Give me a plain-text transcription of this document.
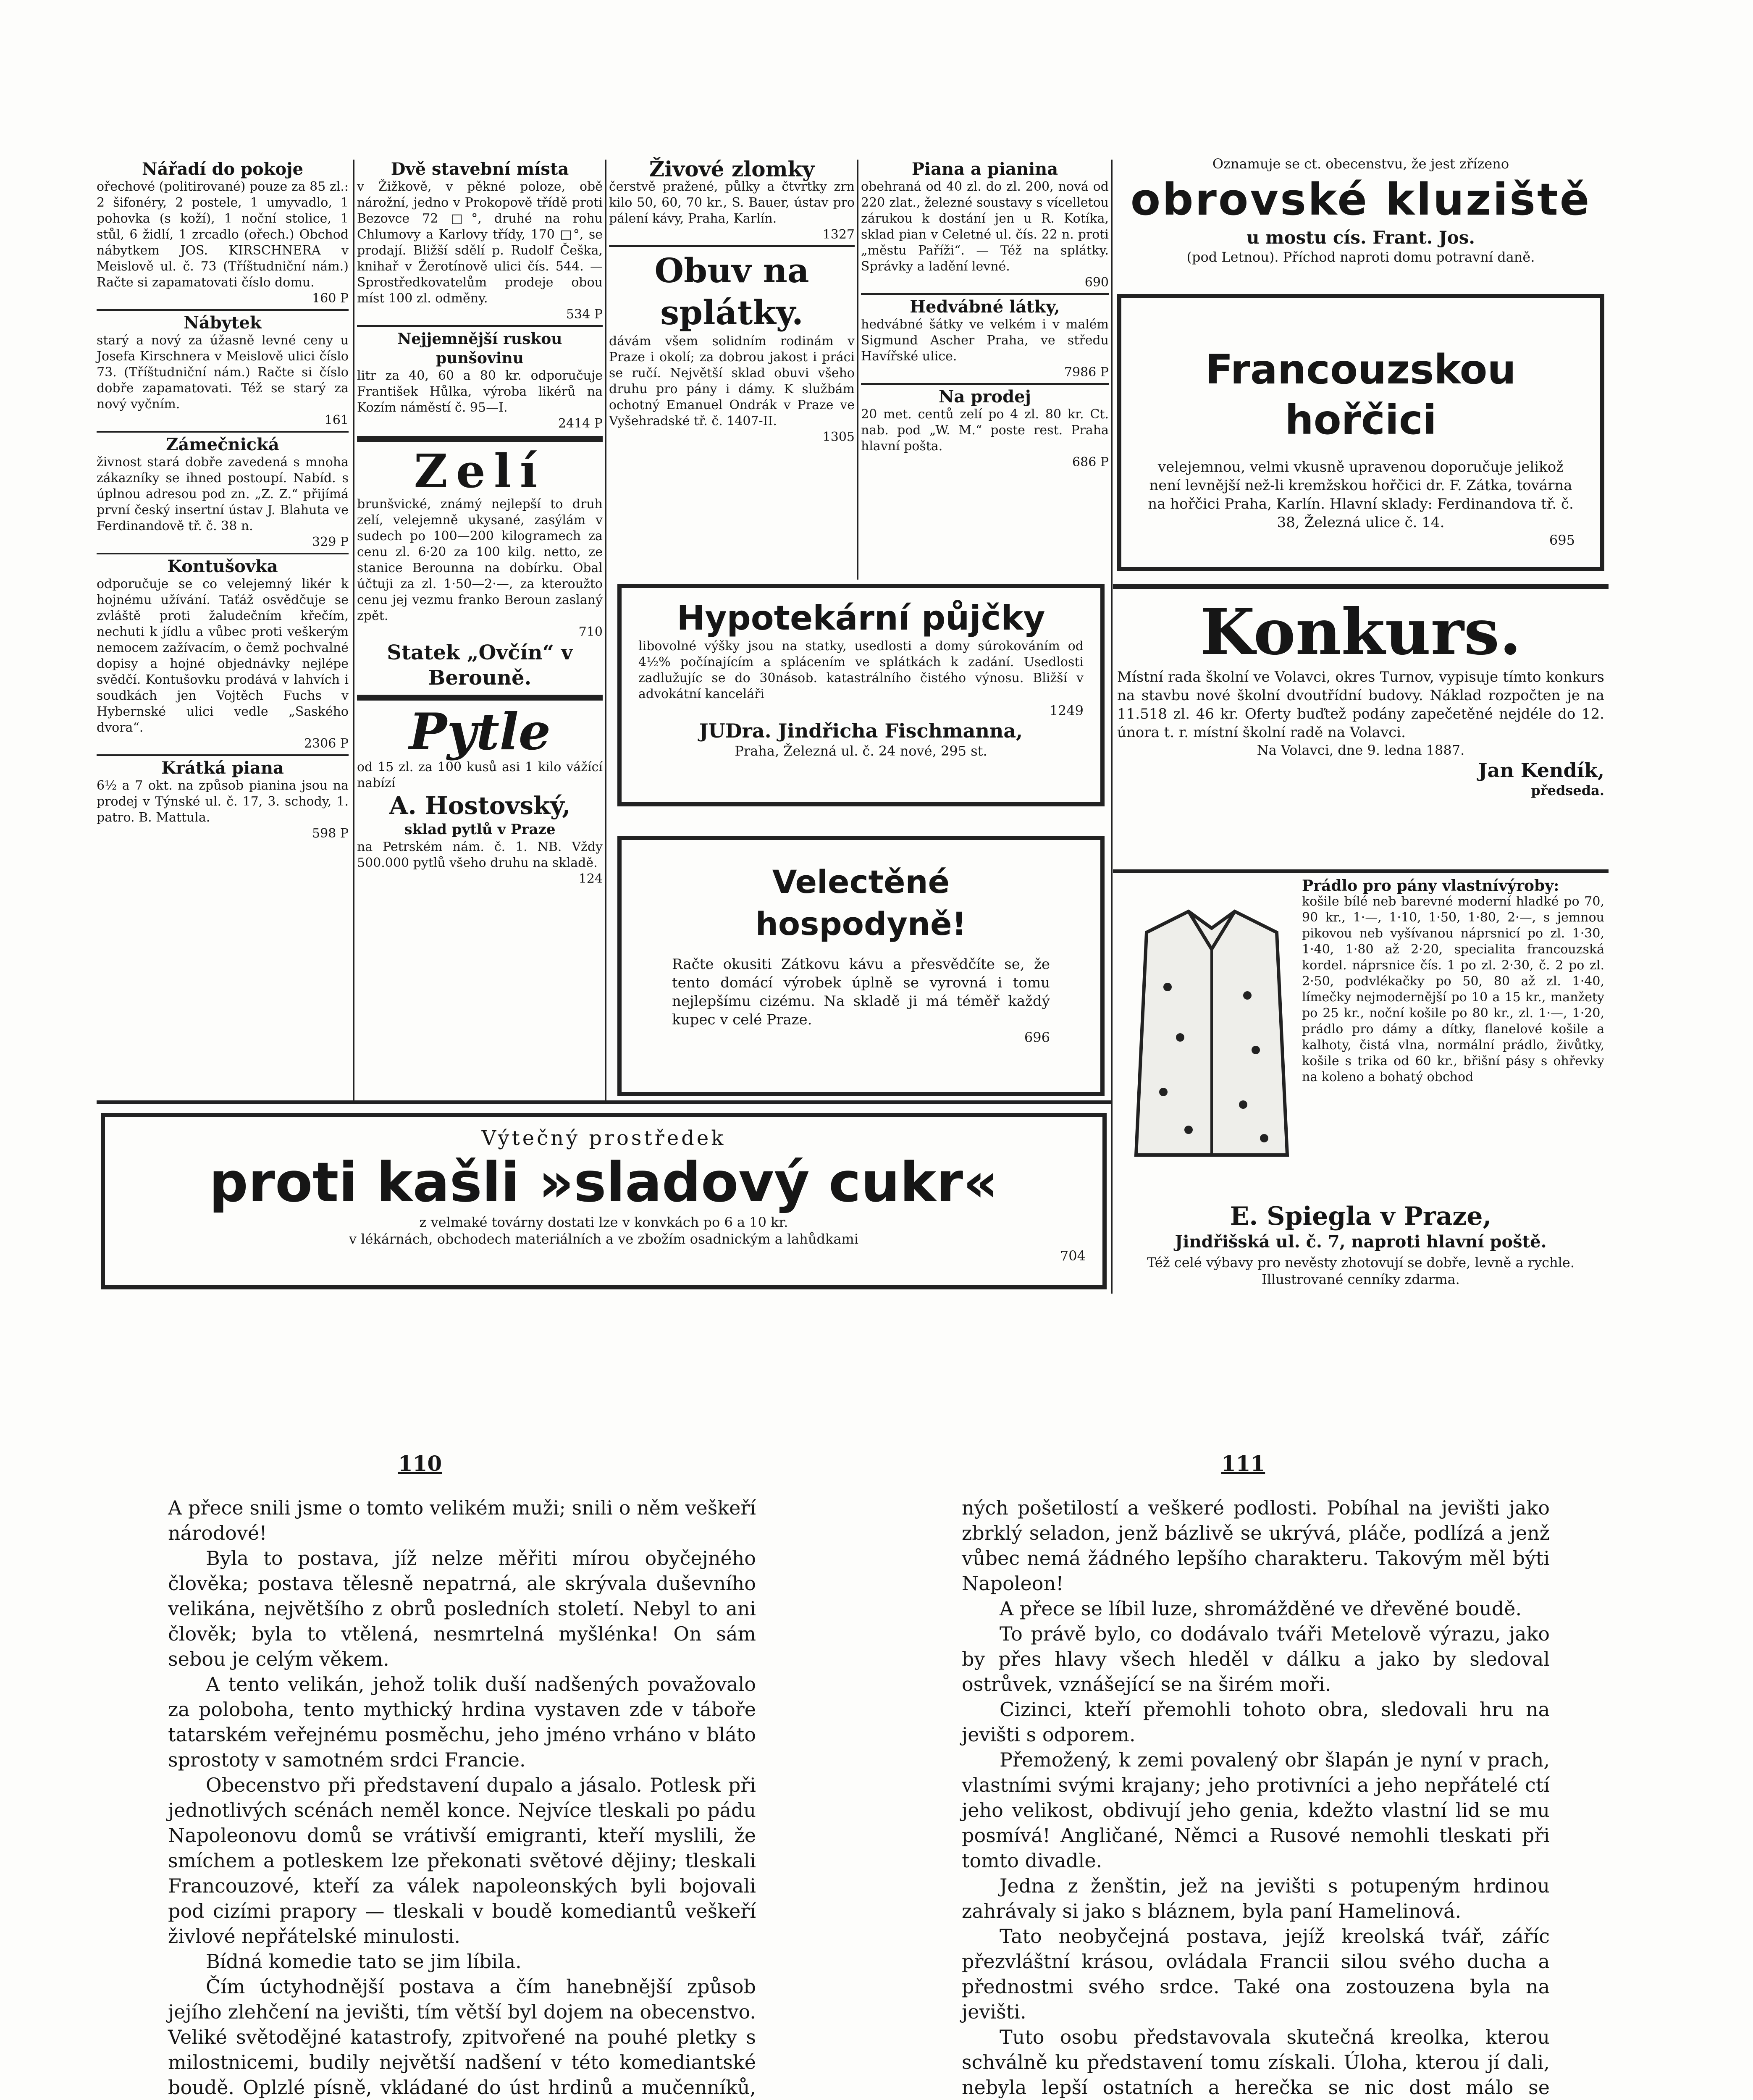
Nářadí do pokoje

ořechové (politirované) pouze za 85 zl.: 2 šifonéry, 2 postele, 1 umyvadlo, 1 pohovka (s koží), 1 noční stolice, 1 stůl, 6 židlí, 1 zrcadlo (ořech.) Obchod nábytkem JOS. KIRSCHNERA v Meislově ul. č. 73 (Tříštudniční nám.) Račte si zapamatovati číslo domu.

160 P

Nábytek

starý a nový za úžasně levné ceny u Josefa Kirschnera v Meislově ulici číslo 73. (Tříštudniční nám.) Račte si číslo dobře zapamatovati. Též se starý za nový vyčním.

161

Zámečnická

živnost stará dobře zavedená s mnoha zákazníky se ihned postoupí. Nabíd. s úplnou adresou pod zn. „Z. Z.“ přijímá první český insertní ústav J. Blahuta ve Ferdinandově tř. č. 38 n.

329 P

Kontušovka

odporučuje se co velejemný likér k hojnému užívání. Taťáž osvědčuje se zvláště proti žaludečním křečím, nechuti k jídlu a vůbec proti veškerým nemocem zažívacím, o čemž pochvalné dopisy a hojné objednávky nejlépe svědčí. Kontušovku prodává v lahvích i soudkách jen Vojtěch Fuchs v Hybernské ulici vedle „Saského dvora“.

2306 P

Krátká piana

6½ a 7 okt. na způsob pianina jsou na prodej v Týnské ul. č. 17, 3. schody, 1. patro. B. Mattula.

598 P

Dvě stavební místa

v Žižkově, v pěkné poloze, obě nárožní, jedno v Prokopově třídě proti Bezovce 72 □°, druhé na rohu Chlumovy a Karlovy třídy, 170 □°, se prodají. Bližší sdělí p. Rudolf Češka, knihař v Žerotínově ulici čís. 544. — Sprostředkovatelům prodeje obou míst 100 zl. odměny.

534 P

Nejjemnější ruskou punšovinu

litr za 40, 60 a 80 kr. odporučuje František Hůlka, výroba likérů na Kozím náměstí č. 95—I.

2414 P

Zelí

brunšvické, známý nejlepší to druh zelí, velejemně ukysané, zasýlám v sudech po 100—200 kilogramech za cenu zl. 6·20 za 100 kilg. netto, ze stanice Berounna na dobírku. Obal účtuji za zl. 1·50—2·—, za kteroužto cenu jej vezmu franko Beroun zaslaný zpět.

710

Statek „Ovčín“ v Berouně.

Pytle

od 15 zl. za 100 kusů asi 1 kilo vážící nabízí

A. Hostovský,

sklad pytlů v Praze

na Petrském nám. č. 1. NB. Vždy 500.000 pytlů všeho druhu na skladě.

124

Živové zlomky

čerstvě pražené, půlky a čtvrtky zrn kilo 50, 60, 70 kr., S. Bauer, ústav pro pálení kávy, Praha, Karlín.

1327

Obuv na splátky.

dávám všem solidním rodinám v Praze i okolí; za dobrou jakost i práci se ručí. Největší sklad obuvi všeho druhu pro pány i dámy. K službám ochotný Emanuel Ondrák v Praze ve Vyšehradské tř. č. 1407-II.

1305

Piana a pianina

obehraná od 40 zl. do zl. 200, nová od 220 zlat., železné soustavy s vícelletou zárukou k dostání jen u R. Kotíka, sklad pian v Celetné ul. čís. 22 n. proti „městu Paříži“. — Též na splátky. Správky a ladění levné.

690

Hedvábné látky,

hedvábné šátky ve velkém i v malém Sigmund Ascher Praha, ve středu Havířské ulice.

7986 P

Na prodej

20 met. centů zelí po 4 zl. 80 kr. Ct. nab. pod „W. M.“ poste rest. Praha hlavní pošta.

686 P

Hypotekární půjčky

libovolné výšky jsou na statky, usedlosti a domy súrokováním od 4½% počínajícím a splácením ve splátkách k zadání. Usedlosti zadlužujíc se do 30násob. katastrálního čistého výnosu. Bližší v advokátní kanceláři

1249
JUDra. Jindřicha Fischmanna,
Praha, Železná ul. č. 24 nové, 295 st.
Velectěné hospodyně!

Račte okusiti Zátkovu kávu a přesvědčíte se, že tento domácí výrobek úplně se vyrovná i tomu nejlepšímu cizému. Na skladě ji má téměř každý kupec v celé Praze.

696
Oznamuje se ct. obecenstvu, že jest zřízeno
obrovské kluziště
u mostu cís. Frant. Jos.
(pod Letnou). Příchod naproti domu potravní daně.
Francouzskou hořčici

velejemnou, velmi vkusně upravenou doporučuje jelikož není levnější než-li kremžskou hořčici dr. F. Zátka, továrna na hořčici Praha, Karlín. Hlavní sklady: Ferdinandova tř. č. 38, Železná ulice č. 14.

695
Konkurs.

Místní rada školní ve Volavci, okres Turnov, vypisuje tímto konkurs na stavbu nové školní dvoutřídní budovy. Náklad rozpočten je na 11.518 zl. 46 kr. Oferty buďtež podány zapečetěné nejdéle do 12. února t. r. místní školní radě na Volavci.

Na Volavci, dne 9. ledna 1887.
Jan Kendík,
předseda.

Prádlo pro pány vlastnívýroby:

košile bílé neb barevné moderní hladké po 70, 90 kr., 1·—, 1·10, 1·50, 1·80, 2·—, s jemnou pikovou neb vyšívanou náprsnicí po zl. 1·30, 1·40, 1·80 až 2·20, specialita francouzská kordel. náprsnice čís. 1 po zl. 2·30, č. 2 po zl. 2·50, podvlékačky po 50, 80 až zl. 1·40, límečky nejmodernější po 10 a 15 kr., manžety po 25 kr., noční košile po 80 kr., zl. 1·—, 1·20, prádlo pro dámy a dítky, flanelové košile a kalhoty, čistá vlna, normální prádlo, živůtky, košile s trika od 60 kr., břišní pásy s ohřevky na koleno a bohatý obchod

E. Spiegla v Praze,
Jindřišská ul. č. 7, naproti hlavní poště.
Též celé výbavy pro nevěsty zhotovují se dobře, levně a rychle. Illustrované cenníky zdarma.
Výtečný prostředek
proti kašli »sladový cukr«
z velmaké továrny dostati lze v konvkách po 6 a 10 kr.
v lékárnách, obchodech materiálních a ve zbožím osadnickým a lahůdkami
704
110	111

A přece snili jsme o tomto velikém muži; snili o něm veškeří národové!

Byla to postava, jíž nelze měřiti mírou obyčejného člověka; postava tělesně nepatrná, ale skrývala duševního velikána, největšího z obrů posledních století. Nebyl to ani člověk; byla to vtělená, nesmrtelná myšlénka! On sám sebou je celým věkem.

A tento velikán, jehož tolik duší nadšených považovalo za polobohа, tento mythický hrdina vystaven zde v táboře tatarském veřejnému posměchu, jeho jméno vrháno v bláto sprostoty v samotném srdci Francie.

Obecenstvo při představení dupalo a jásalo. Potlesk při jednotlivých scénách neměl konce. Nejvíce tleskali po pádu Napoleonovu domů se vrátivší emigranti, kteří myslili, že smíchem a potleskem lze překonati světové dějiny; tleskali Francouzové, kteří za válek napoleonských byli bojovali pod cizími prapory — tleskali v boudě komediantů veškeří živlové nepřátelské minulosti.

Bídná komedie tato se jim líbila.

Čím úctyhodnější postava a čím hanebnější způsob jejího zlehčení na jevišti, tím větší byl dojem na obecenstvo. Veliké světodějné katastrofy, zpitvořené na pouhé pletky s milostnicemi, budily největší nadšení v této komediantské boudě. Oplzlé písně, vkládané do úst hrdinů a mučenníků,

ných pošetilostí a veškeré podlosti. Pobíhal na jevišti jako zbrklý seladon, jenž bázlivě se ukrývá, pláče, podlízá a jenž vůbec nemá žádného lepšího charakteru. Takovým měl býti Napoleon!

A přece se líbil luze, shromážděné ve dřevěné boudě.

To právě bylo, co dodávalo tváři Metelově výrazu, jako by přes hlavy všech hleděl v dálku a jako by sledoval ostrůvek, vznášející se na širém moři.

Cizinci, kteří přemohli tohoto obra, sledovali hru na jevišti s odporem.

Přemožený, k zemi povalený obr šlapán je nyní v prach, vlastními svými krajany; jeho protivníci a jeho nepřátelé ctí jeho velikost, obdivují jeho genia, kdežto vlastní lid se mu posmívá! Angličané, Němci a Rusové nemohli tleskati při tomto divadle.

Jedna z ženštin, jež na jevišti s potupeným hrdinou zahrávaly si jako s bláznem, byla paní Hamelinová.

Tato neobyčejná postava, jejíž kreolská tvář, záříc přezvláštní krásou, ovládala Francii silou svého ducha a přednostmi svého srdce. Také ona zostouzena byla na jevišti.

Tuto osobu představovala skutečná kreolka, kterou schválně ku představení tomu získali. Úloha, kterou jí dali, nebyla lepší ostatních a herečka se nic dost málo se
